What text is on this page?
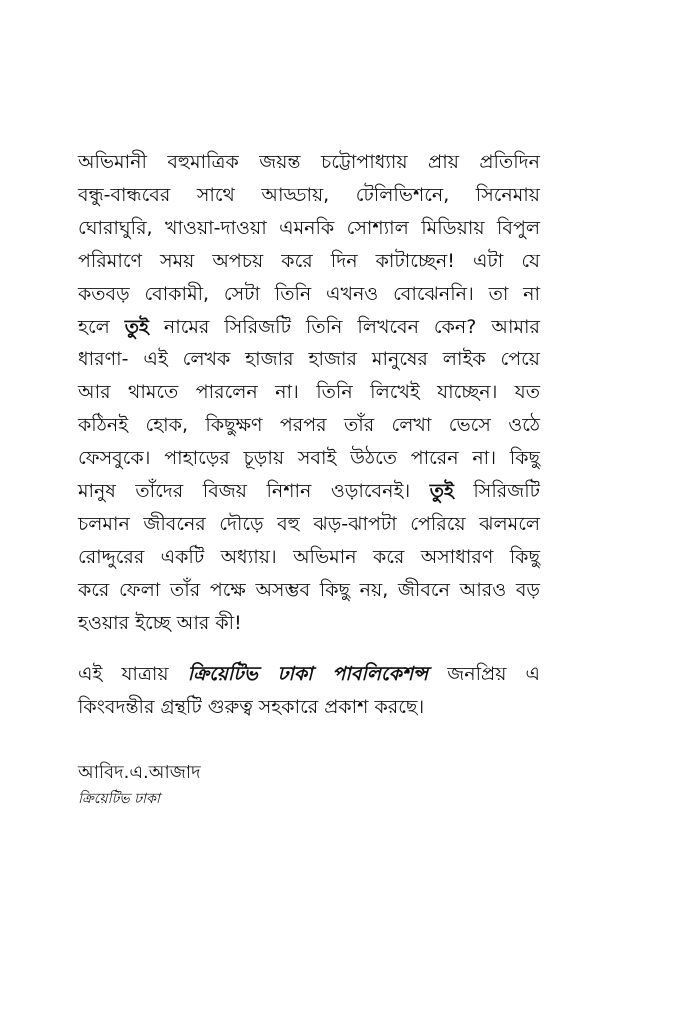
অভিমানী বহুমাত্রিক জয়ন্ত চট্টোপাধ্যায় প্রায় প্রতিদিন
বন্ধু-বান্ধবের সাথে আড্ডায়, টেলিভিশনে, সিনেমায়
ঘোরাঘুরি, খাওয়া-দাওয়া এমনকি সোশ্যাল মিডিয়ায় বিপুল
পরিমাণে সময় অপচয় করে দিন কাটাচ্ছেন! এটা যে
কতবড় বোকামী, সেটা তিনি এখনও বোঝেননি। তা না
হলে তুই নামের সিরিজটি তিনি লিখবেন কেন? আমার
ধারণা- এই লেখক হাজার হাজার মানুষের লাইক পেয়ে
আর থামতে পারলেন না। তিনি লিখেই যাচ্ছেন। যত
কঠিনই হোক, কিছুক্ষণ পরপর তাঁর লেখা ভেসে ওঠে
ফেসবুকে। পাহাড়ের চূড়ায় সবাই উঠতে পারেন না। কিছু
মানুষ তাঁদের বিজয় নিশান ওড়াবেনই। তুই সিরিজটি
চলমান জীবনের দৌড়ে বহু ঝড়-ঝাপটা পেরিয়ে ঝলমলে
রোদ্দুরের একটি অধ্যায়। অভিমান করে অসাধারণ কিছু
করে ফেলা তাঁর পক্ষে অসম্ভব কিছু নয়, জীবনে আরও বড়
হওয়ার ইচ্ছে আর কী!
এই যাত্রায় ক্রিয়েটিভ ঢাকা পাবলিকেশন্স জনপ্রিয় এ
কিংবদন্তীর গ্রন্থটি গুরুত্ব সহকারে প্রকাশ করছে।
আবিদ.এ.আজাদ
ক্রিয়েটিভ ঢাকা
